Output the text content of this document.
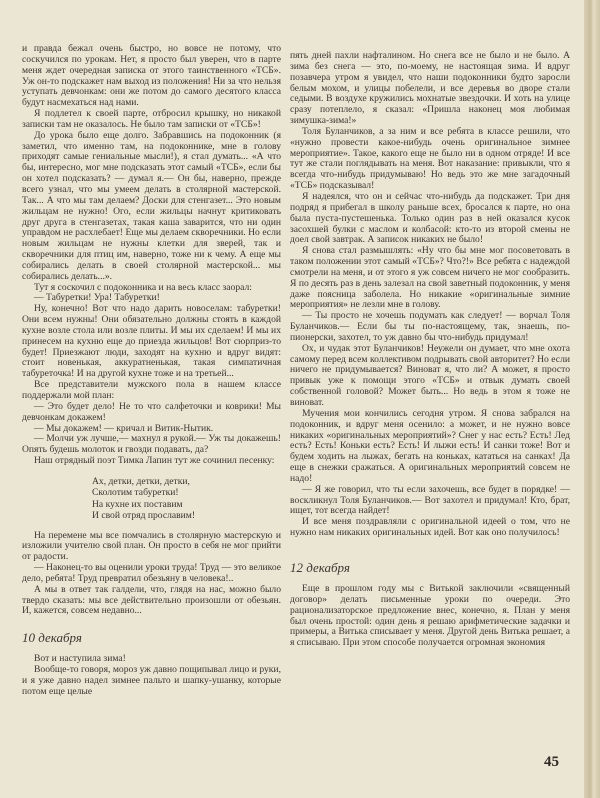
и правда бежал очень быстро, но вовсе не потому, что соскучился по урокам. Нет, я просто был уверен, что в парте меня ждет очередная записка от этого таинственного «ТСБ». Уж он-то подскажет нам выход из положения! Ни за что нельзя уступать девчонкам: они же потом до самого десятого класса будут насмехаться над нами.

Я подлетел к своей парте, отбросил крышку, но никакой записки там не оказалось. Не было там записки от «ТСБ»!

До урока было еще долго. Забравшись на подоконник (я заметил, что именно там, на подоконнике, мне в голову приходят самые гениальные мысли!), я стал думать... «А что бы, интересно, мог мне подсказать этот самый «ТСБ», если бы он хотел подсказать? — думал я.— Он бы, наверно, прежде всего узнал, что мы умеем делать в столярной мастерской. Так... А что мы там делаем? Доски для стенгазет... Это новым жильцам не нужно! Ого, если жильцы начнут критиковать друг друга в стенгазетах, такая каша заварится, что ни один управдом не расхлебает! Еще мы делаем скворечники. Но если новым жильцам не нужны клетки для зверей, так и скворечники для птиц им, наверно, тоже ни к чему. А еще мы собирались делать в своей столярной мастерской... мы собирались делать...».

Тут я соскочил с подоконника и на весь класс заорал:

— Табуретки! Ура! Табуретки!

Ну, конечно! Вот что надо дарить новоселам: табуретки! Они всем нужны! Они обязательно должны стоять в каждой кухне возле стола или возле плиты. И мы их сделаем! И мы их принесем на кухню еще до приезда жильцов! Вот сюрприз-то будет! Приезжают люди, заходят на кухню и вдруг видят: стоит новенькая, аккуратненькая, такая симпатичная табуреточка! И на другой кухне тоже и на третьей...

Все представители мужского пола в нашем классе поддержали мой план:

— Это будет дело! Не то что салфеточки и коврики! Мы девчонкам докажем!

— Мы докажем! — кричал и Витик-Нытик.

— Молчи уж лучше,— махнул я рукой.— Уж ты докажешь! Опять будешь молоток и гвозди подавать, да?

Наш отрядный поэт Тимка Лапин тут же сочинил песенку:

Ах, детки, детки, детки,
Сколотим табуретки!
На кухне их поставим
И свой отряд прославим!

На перемене мы все помчались в столярную мастерскую и изложили учителю свой план. Он просто в себя не мог прийти от радости.

— Наконец-то вы оценили уроки труда! Труд — это великое дело, ребята! Труд превратил обезьяну в человека!..

А мы в ответ так галдели, что, глядя на нас, можно было твердо сказать: мы все действительно произошли от обезьян. И, кажется, совсем недавно...

10 декабря

Вот и наступила зима!

Вообще-то говоря, мороз уж давно пощипывал лицо и руки, и я уже давно надел зимнее пальто и шапку-ушанку, которые потом еще целые

пять дней пахли нафталином. Но снега все не было и не было. А зима без снега — это, по-моему, не настоящая зима. И вдруг позавчера утром я увидел, что наши подоконники будто заросли белым мохом, и улицы побелели, и все деревья во дворе стали седыми. В воздухе кружились мохнатые звездочки. И хоть на улице сразу потеплело, я сказал: «Пришла наконец моя любимая зимушка-зима!»

Толя Буланчиков, а за ним и все ребята в классе решили, что «нужно провести какое-нибудь очень оригинальное зимнее мероприятие». Такое, какого еще не было ни в одном отряде! И все тут же стали поглядывать на меня. Вот наказание: привыкли, что я всегда что-нибудь придумываю! Но ведь это же мне загадочный «ТСБ» подсказывал!

Я надеялся, что он и сейчас что-нибудь да подскажет. Три дня подряд я прибегал в школу раньше всех, бросался к парте, но она была пуста-пустешенька. Только один раз в ней оказался кусок засохшей булки с маслом и колбасой: кто-то из второй смены не доел свой завтрак. А записок никаких не было!

Я снова стал размышлять: «Ну что бы мне мог посоветовать в таком положении этот самый «ТСБ»? Что?!» Все ребята с надеждой смотрели на меня, и от этого я уж совсем ничего не мог сообразить. Я по десять раз в день залезал на свой заветный подоконник, у меня даже поясница заболела. Но никакие «оригинальные зимние мероприятия» не лезли мне в голову.

— Ты просто не хочешь подумать как следует! — ворчал Толя Буланчиков.— Если бы ты по-настоящему, так, знаешь, по-пионерски, захотел, то уж давно бы что-нибудь придумал!

Ох, и чудак этот Буланчиков! Неужели он думает, что мне охота самому перед всем коллективом подрывать свой авторитет? Но если ничего не придумывается? Виноват я, что ли? А может, я просто привык уже к помощи этого «ТСБ» и отвык думать своей собственной головой? Может быть... Но ведь в этом я тоже не виноват.

Мучения мои кончились сегодня утром. Я снова забрался на подоконник, и вдруг меня осенило: а может, и не нужно вовсе никаких «оригинальных мероприятий»? Снег у нас есть? Есть! Лед есть? Есть! Коньки есть? Есть! И лыжи есть! И санки тоже! Вот и будем ходить на лыжах, бегать на коньках, кататься на санках! Да еще в снежки сражаться. А оригинальных мероприятий совсем не надо!

— Я же говорил, что ты если захочешь, все будет в порядке! — воскликнул Толя Буланчиков.— Вот захотел и придумал! Кто, брат, ищет, тот всегда найдет!

И все меня поздравляли с оригинальной идеей о том, что не нужно нам никаких оригинальных идей. Вот как оно получилось!

12 декабря

Еще в прошлом году мы с Витькой заключили «священный договор» делать письменные уроки по очереди. Это рационализаторское предложение внес, конечно, я. План у меня был очень простой: один день я решаю арифметические задачки и примеры, а Витька списывает у меня. Другой день Витька решает, а я списываю. При этом способе получается огромная экономия

45
